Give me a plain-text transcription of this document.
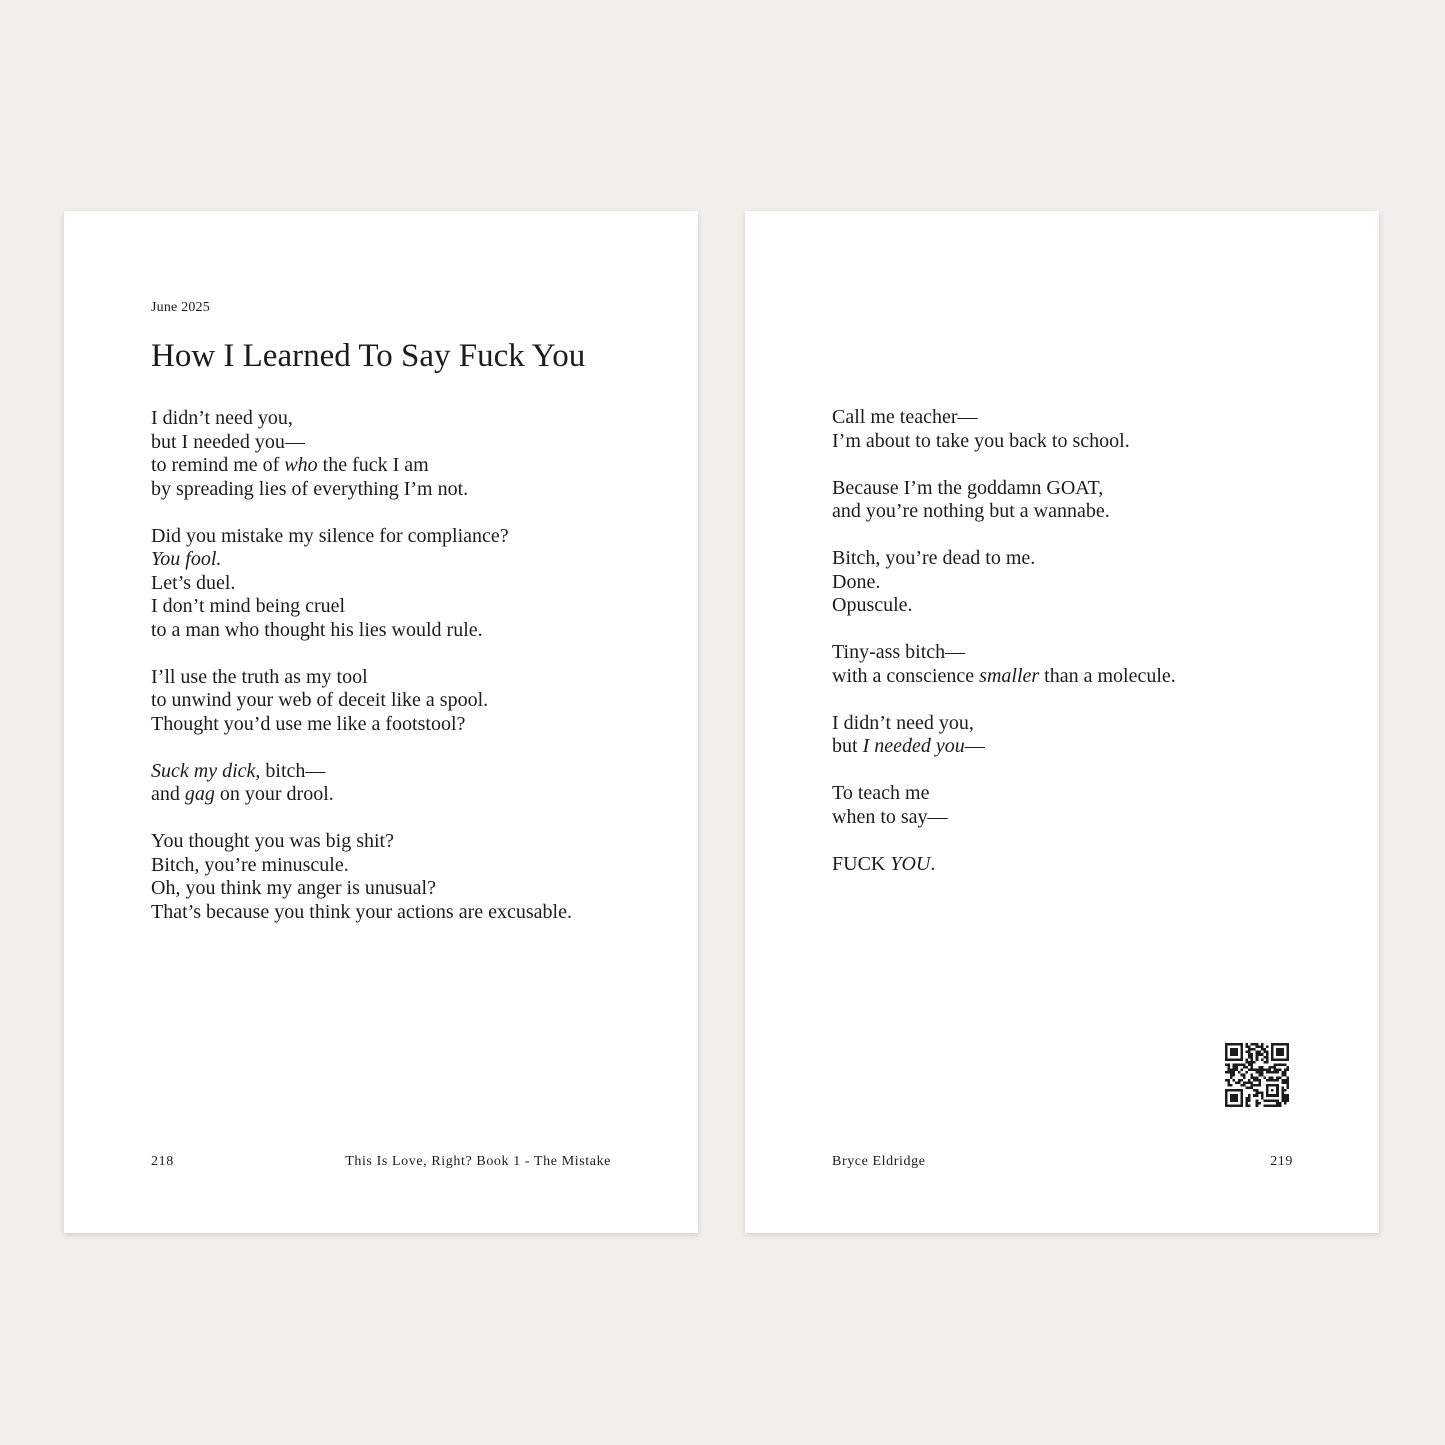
June 2025
How I Learned To Say Fuck You

I didn’t need you,
but I needed you—
to remind me of who the fuck I am
by spreading lies of everything I’m not.

Did you mistake my silence for compliance?
You fool.
Let’s duel.
I don’t mind being cruel
to a man who thought his lies would rule.

I’ll use the truth as my tool
to unwind your web of deceit like a spool.
Thought you’d use me like a footstool?

Suck my dick, bitch—
and gag on your drool.

You thought you was big shit?
Bitch, you’re minuscule.
Oh, you think my anger is unusual?
That’s because you think your actions are excusable.

218	This Is Love, Right? Book 1 - The Mistake

Call me teacher—
I’m about to take you back to school.

Because I’m the goddamn GOAT,
and you’re nothing but a wannabe.

Bitch, you’re dead to me.
Done.
Opuscule.

Tiny-ass bitch—
with a conscience smaller than a molecule.

I didn’t need you,
but I needed you—

To teach me
when to say—

FUCK YOU.

Bryce Eldridge	219
